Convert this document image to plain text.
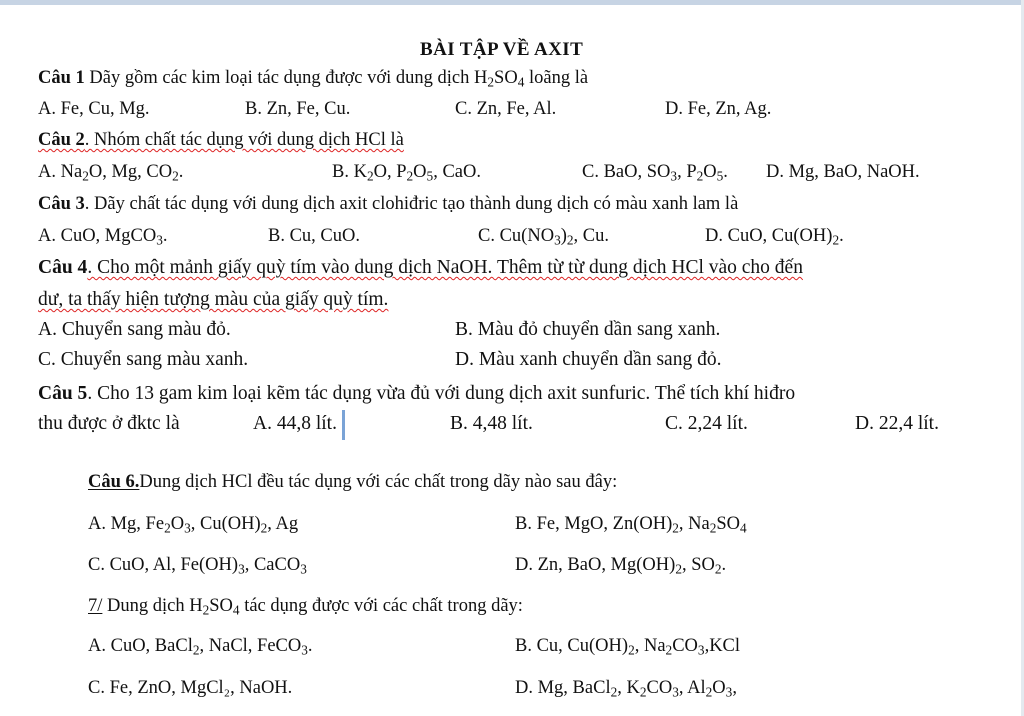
BÀI TẬP VỀ AXIT
Câu 1 Dãy gồm các kim loại tác dụng được với dung dịch $H_2SO_4$ loãng là
A. Fe, Cu, Mg.	B. Zn, Fe, Cu.	C. Zn, Fe, Al.	D. Fe, Zn, Ag.
Câu 2. Nhóm chất tác dụng với dung dịch HCl là
A. $Na_2O$, Mg, $CO_2$.	B. $K_2O$, $P_2O_5$, CaO.	C. BaO, $SO_3$, $P_2O_5$. D. Mg, BaO, NaOH.
Câu 3. Dãy chất tác dụng với dung dịch axit clohiđric tạo thành dung dịch có màu xanh lam là
A. CuO, MgCO$_3$.	B. Cu, CuO.	C. $Cu(NO_3)_2$, Cu.	D. CuO, $Cu(OH)_2$.
Câu 4. Cho một mảnh giấy quỳ tím vào dung dịch NaOH. Thêm từ từ dung dịch HCl vào cho đến
dư, ta thấy hiện tượng màu của giấy quỳ tím.
A. Chuyển sang màu đỏ.	B. Màu đỏ chuyển dần sang xanh.
C. Chuyển sang màu xanh.	D. Màu xanh chuyển dần sang đỏ.
Câu 5. Cho 13 gam kim loại kẽm tác dụng vừa đủ với dung dịch axit sunfuric. Thể tích khí hiđro
thu được ở đktc là	A. 44,8 lít.	B. 4,48 lít.	C. 2,24 lít.	D. 22,4 lít.
Câu 6.Dung dịch HCl đều tác dụng với các chất trong dãy nào sau đây:
A. Mg, $Fe_2O_3$, $Cu(OH)_2$, Ag	B. Fe, MgO, $Zn(OH)_2$, $Na_2SO_4$
C. CuO, Al, $Fe(OH)_3$, CaCO$_3$	D. Zn, BaO, $Mg(OH)_2$, $SO_2$.
7/ Dung dịch $H_2SO_4$ tác dụng được với các chất trong dãy:
A. CuO, BaCl$_2$, NaCl, FeCO$_3$.	B. Cu, $Cu(OH)_2$, $Na_2CO_3,KCl$
C. Fe, ZnO, MgCl₂, NaOH.	D. Mg, BaCl$_2$, $K_2CO_3$, $Al_2O_3$,
